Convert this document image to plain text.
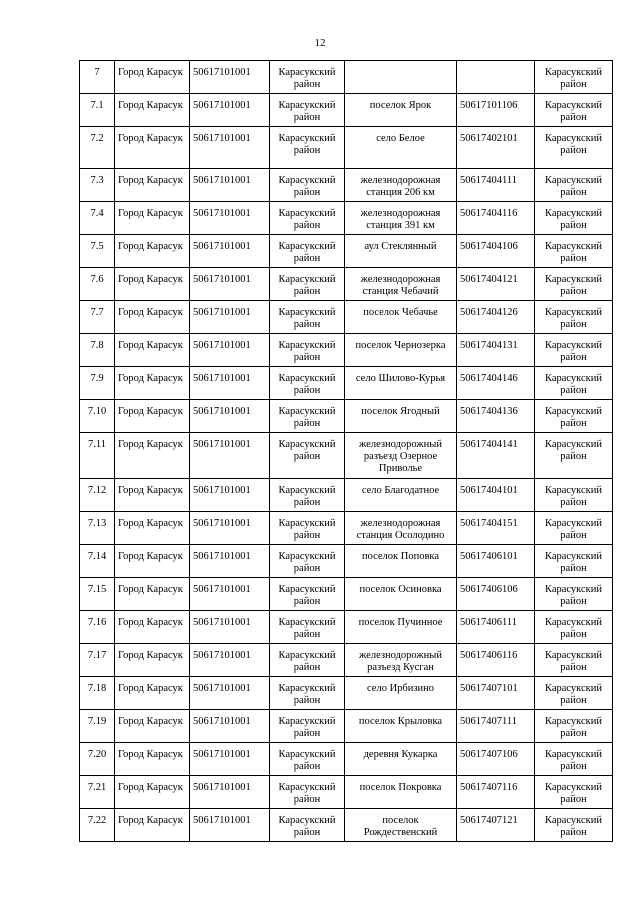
12
7	Город Карасук	50617101001	Карасукский район			Карасукский район
7.1	Город Карасук	50617101001	Карасукский район	поселок Ярок	50617101106	Карасукский район
7.2	Город Карасук	50617101001	Карасукский район	село Белое	50617402101	Карасукский район
7.3	Город Карасук	50617101001	Карасукский район	железнодорожная станция 206 км	50617404111	Карасукский район
7.4	Город Карасук	50617101001	Карасукский район	железнодорожная станция 391 км	50617404116	Карасукский район
7.5	Город Карасук	50617101001	Карасукский район	аул Стеклянный	50617404106	Карасукский район
7.6	Город Карасук	50617101001	Карасукский район	железнодорожная станция Чебачий	50617404121	Карасукский район
7.7	Город Карасук	50617101001	Карасукский район	поселок Чебачье	50617404126	Карасукский район
7.8	Город Карасук	50617101001	Карасукский район	поселок Чернозерка	50617404131	Карасукский район
7.9	Город Карасук	50617101001	Карасукский район	село Шилово-Курья	50617404146	Карасукский район
7.10	Город Карасук	50617101001	Карасукский район	поселок Ягодный	50617404136	Карасукский район
7.11	Город Карасук	50617101001	Карасукский район	железнодорожный разъезд Озерное Приволье	50617404141	Карасукский район
7.12	Город Карасук	50617101001	Карасукский район	село Благодатное	50617404101	Карасукский район
7.13	Город Карасук	50617101001	Карасукский район	железнодорожная станция Осолодино	50617404151	Карасукский район
7.14	Город Карасук	50617101001	Карасукский район	поселок Поповка	50617406101	Карасукский район
7.15	Город Карасук	50617101001	Карасукский район	поселок Осиновка	50617406106	Карасукский район
7.16	Город Карасук	50617101001	Карасукский район	поселок Пучинное	50617406111	Карасукский район
7.17	Город Карасук	50617101001	Карасукский район	железнодорожный разъезд Кусган	50617406116	Карасукский район
7.18	Город Карасук	50617101001	Карасукский район	село Ирбизино	50617407101	Карасукский район
7.19	Город Карасук	50617101001	Карасукский район	поселок Крыловка	50617407111	Карасукский район
7.20	Город Карасук	50617101001	Карасукский район	деревня Кукарка	50617407106	Карасукский район
7.21	Город Карасук	50617101001	Карасукский район	поселок Покровка	50617407116	Карасукский район
7.22	Город Карасук	50617101001	Карасукский район	поселок Рождественский	50617407121	Карасукский район
